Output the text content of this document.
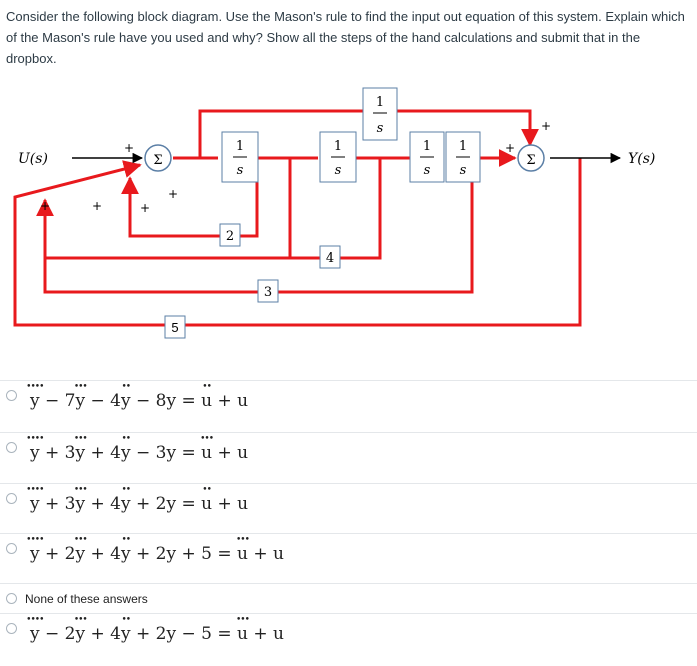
Consider the following block diagram. Use the Mason's rule to find the input out equation of this system. Explain which of the Mason's rule have you used and why? Show all the steps of the hand calculations and submit that in the dropbox.

Σ	Σ
1
s
1
s
1
s
1
s
1
s
2
4
3
5
U(s)	Y(s)
+
+	+	+
+
+
+
y
••••
− 7y
•••
− 4y
••
− 8y = u
••
+ u
y
••••
+ 3y
•••
+ 4y
••
− 3y = u
•••
+ u
y
••••
+ 3y
•••
+ 4y
••
+ 2y = u
••
+ u
y
••••
+ 2y
•••
+ 4y
••
+ 2y + 5 = u
•••
+ u
None of these answers
y
••••
− 2y
•••
+ 4y
••
+ 2y − 5 = u
•••
+ u
